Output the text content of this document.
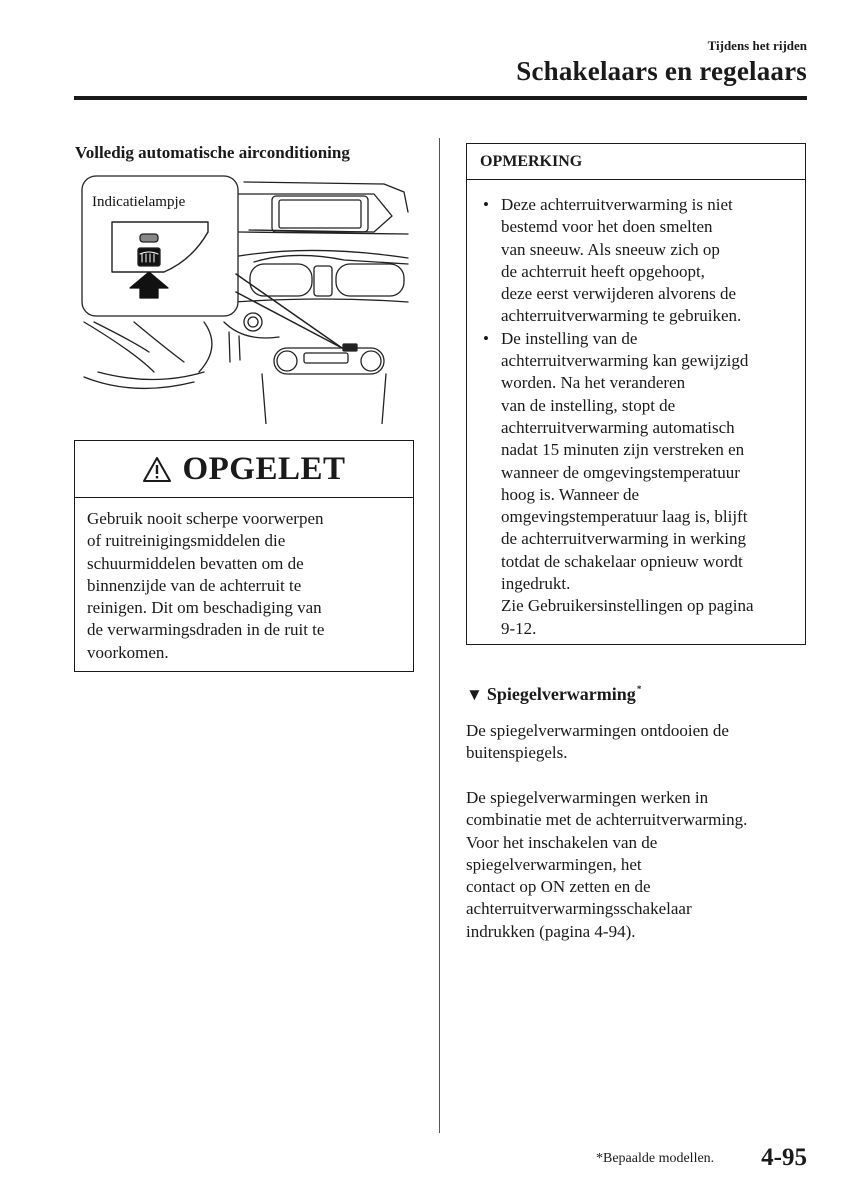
Tijdens het rijden
Schakelaars en regelaars
Volledig automatische airconditioning
Indicatielampje
OPGELET
Gebruik nooit scherpe voorwerpen
of ruitreinigingsmiddelen die
schuurmiddelen bevatten om de
binnenzijde van de achterruit te
reinigen. Dit om beschadiging van
de verwarmingsdraden in de ruit te
voorkomen.
OPMERKING
• Deze achterruitverwarming is niet
bestemd voor het doen smelten
van sneeuw. Als sneeuw zich op
de achterruit heeft opgehoopt,
deze eerst verwijderen alvorens de
achterruitverwarming te gebruiken.
• De instelling van de
achterruitverwarming kan gewijzigd
worden. Na het veranderen
van de instelling, stopt de
achterruitverwarming automatisch
nadat 15 minuten zijn verstreken en
wanneer de omgevingstemperatuur
hoog is. Wanneer de
omgevingstemperatuur laag is, blijft
de achterruitverwarming in werking
totdat de schakelaar opnieuw wordt
ingedrukt.
Zie Gebruikersinstellingen op pagina
9-12.
▼ Spiegelverwarming*
De spiegelverwarmingen ontdooien de
buitenspiegels.
De spiegelverwarmingen werken in
combinatie met de achterruitverwarming.
Voor het inschakelen van de
spiegelverwarmingen, het
contact op ON zetten en de
achterruitverwarmingsschakelaar
indrukken (pagina 4-94).
*Bepaalde modellen. 4-95
